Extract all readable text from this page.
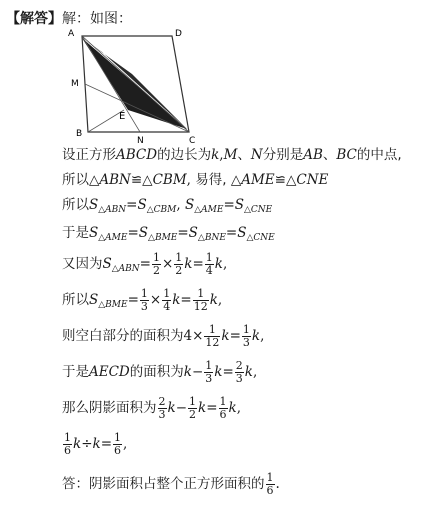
【解答】解：如图：
A	D
M
E
B
N	C
设正方形ABCD的边长为k,M、N分别是AB、BC的中点,
所以△ABN≌△CBM, 易得, △AME≌△CNE
所以$S_{\triangle ABN}=S_{\triangle CBM}$, $S_{\triangle AME}=S_{\triangle CNE}$
于是$S_{\triangle AME}=S_{\triangle BME}=S_{\triangle BNE}=S_{\triangle CNE}$
又因为$S_{\triangle ABN}= \frac{1}{2} \times \frac{1}{2} k= \frac{1}{4} k$,
所以$S_{\triangle BME}= \frac{1}{3} \times \frac{1}{4} k= \frac{1}{12} k$,
则空白部分的面积为$4\times \frac{1}{12} k= \frac{1}{3} k$,
于是AECD的面积为$k- \frac{1}{3} k= \frac{2}{3} k$,
那么阴影面积为 $\frac{2}{3} k- \frac{1}{2} k= \frac{1}{6} k$,
$\frac{1}{6} k\div k= \frac{1}{6}$ ,
答：阴影面积占整个正方形面积的 $\frac{1}{6}$ .
